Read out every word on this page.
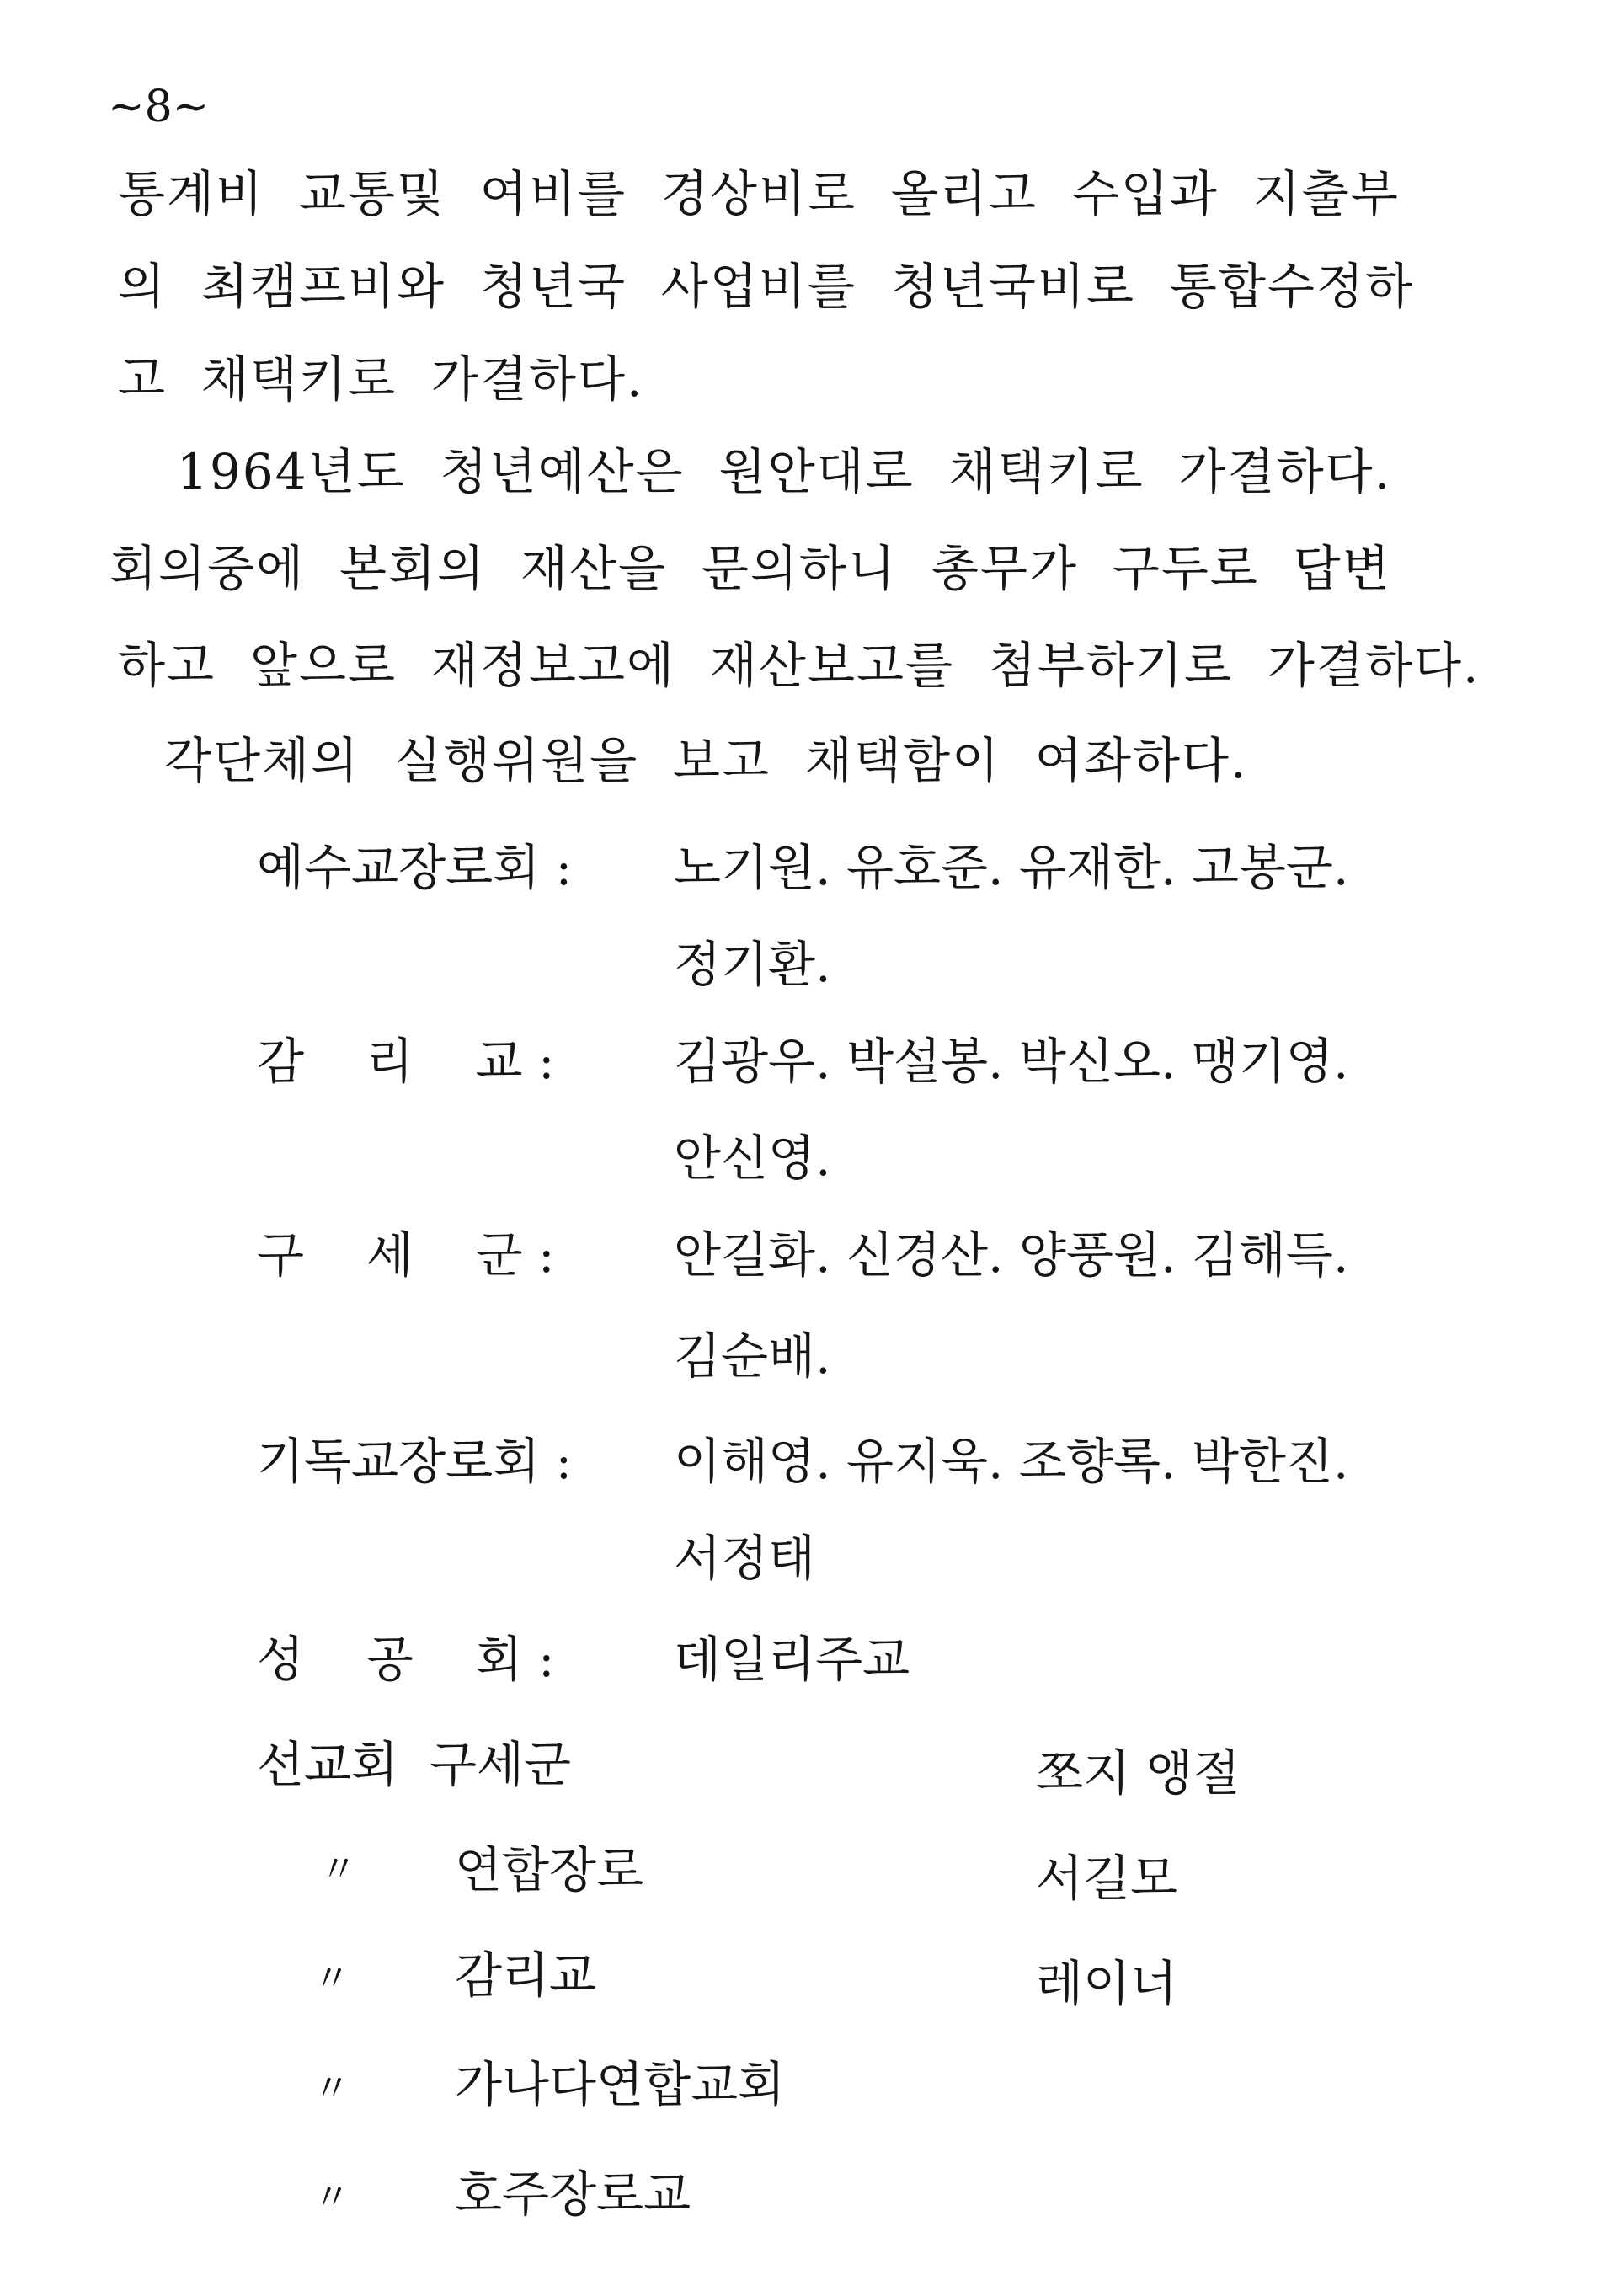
~8~
통계비  교통및  여비를  경상비로  올리고  수입과  지출부
의  최캠프비와  청년국  사업비를  청년국비로  통합수정하
고  채택키로  가결하다.
1964년도  청년예산은  원안대로  채택키로  가결하다.
회의중에  본회의  재산을  문의하니  총무가  구두로  답변
하고  앞으로  재정보고에  재산보고를  첨부하기로  가결하다.
각단체의  실행위원을  보고  채택함이  여좌하다.
예수교장로회 : 노기원. 유호준. 유재한. 고봉군.
정기환.
감    리    교 : 김광우. 박설봉. 박신오. 맹기영.
안신영.
구    세    군 : 안길화. 신경산. 양풍원. 김해득.
김순배.
기독교장로회 : 이해영. 유지욱. 조향록. 박한진.
서정태
성    공    회 : 데일리주교
선교회  구세군	쪼지 앵절
〃 연합장로	서길모
〃 감리교	레이너
〃 가나다연합교회
〃 호주장로교
